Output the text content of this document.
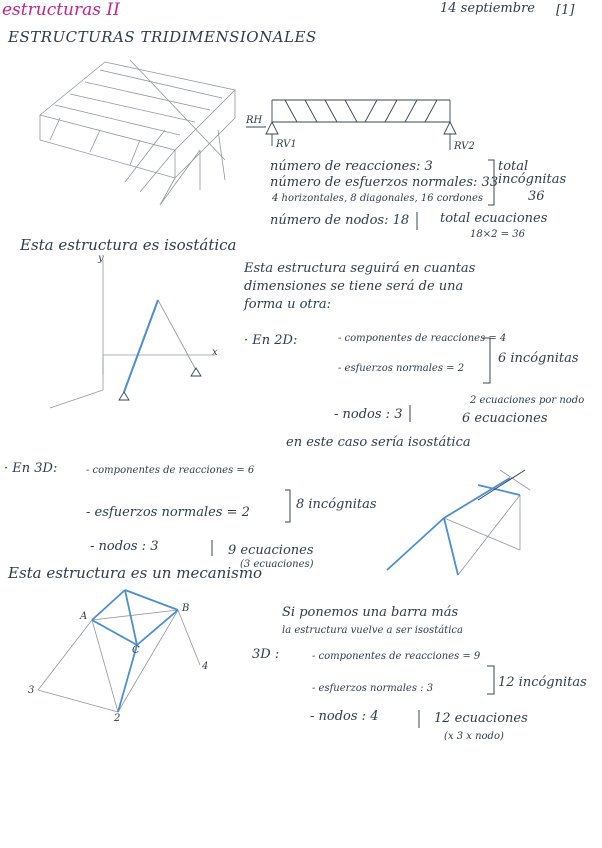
estructuras II	14 septiembre [1]
ESTRUCTURAS TRIDIMENSIONALES
RH
RV1	RV2
número de reacciones: 3
número de esfuerzos normales: 33
4 horizontales, 8 diagonales, 16 cordones
total incógnitas
36
número de nodos: 18 total ecuaciones
18×2 = 36
Esta estructura es isostática
y
x
Esta estructura seguirá en cuantas
dimensiones se tiene será de una
forma u otra:
· En 2D:	- componentes de reacciones = 4
- esfuerzos normales = 2
6 incógnitas
2 ecuaciones por nodo
- nodos : 3	6 ecuaciones
en este caso sería isostática
· En 3D:	- componentes de reacciones = 6
- esfuerzos normales = 2
8 incógnitas
- nodos : 3	9 ecuaciones
(3 ecuaciones)
Esta estructura es un mecanismo
A
B
C
3
2
4
Si ponemos una barra más
la estructura vuelve a ser isostática
3D :	- componentes de reacciones = 9
- esfuerzos normales : 3	12 incógnitas
- nodos : 4	12 ecuaciones
(x 3 x nodo)
